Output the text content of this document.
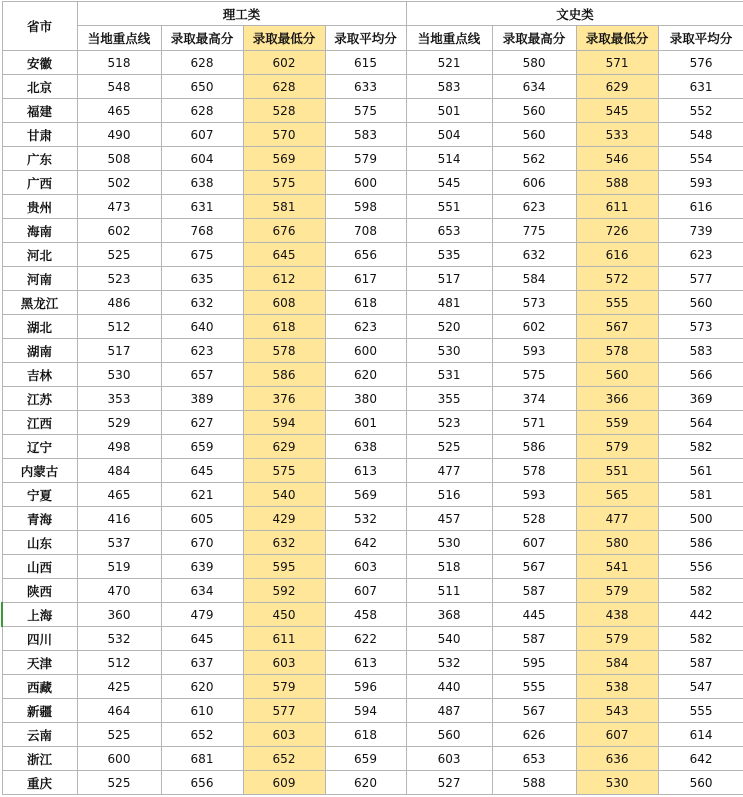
省市	理工类				文史类			
	当地重点线	录取最高分	录取最低分	录取平均分	当地重点线	录取最高分	录取最低分	录取平均分
安徽	518	628	602	615	521	580	571	576
北京	548	650	628	633	583	634	629	631
福建	465	628	528	575	501	560	545	552
甘肃	490	607	570	583	504	560	533	548
广东	508	604	569	579	514	562	546	554
广西	502	638	575	600	545	606	588	593
贵州	473	631	581	598	551	623	611	616
海南	602	768	676	708	653	775	726	739
河北	525	675	645	656	535	632	616	623
河南	523	635	612	617	517	584	572	577
黑龙江	486	632	608	618	481	573	555	560
湖北	512	640	618	623	520	602	567	573
湖南	517	623	578	600	530	593	578	583
吉林	530	657	586	620	531	575	560	566
江苏	353	389	376	380	355	374	366	369
江西	529	627	594	601	523	571	559	564
辽宁	498	659	629	638	525	586	579	582
内蒙古	484	645	575	613	477	578	551	561
宁夏	465	621	540	569	516	593	565	581
青海	416	605	429	532	457	528	477	500
山东	537	670	632	642	530	607	580	586
山西	519	639	595	603	518	567	541	556
陕西	470	634	592	607	511	587	579	582
上海	360	479	450	458	368	445	438	442
四川	532	645	611	622	540	587	579	582
天津	512	637	603	613	532	595	584	587
西藏	425	620	579	596	440	555	538	547
新疆	464	610	577	594	487	567	543	555
云南	525	652	603	618	560	626	607	614
浙江	600	681	652	659	603	653	636	642
重庆	525	656	609	620	527	588	530	560
